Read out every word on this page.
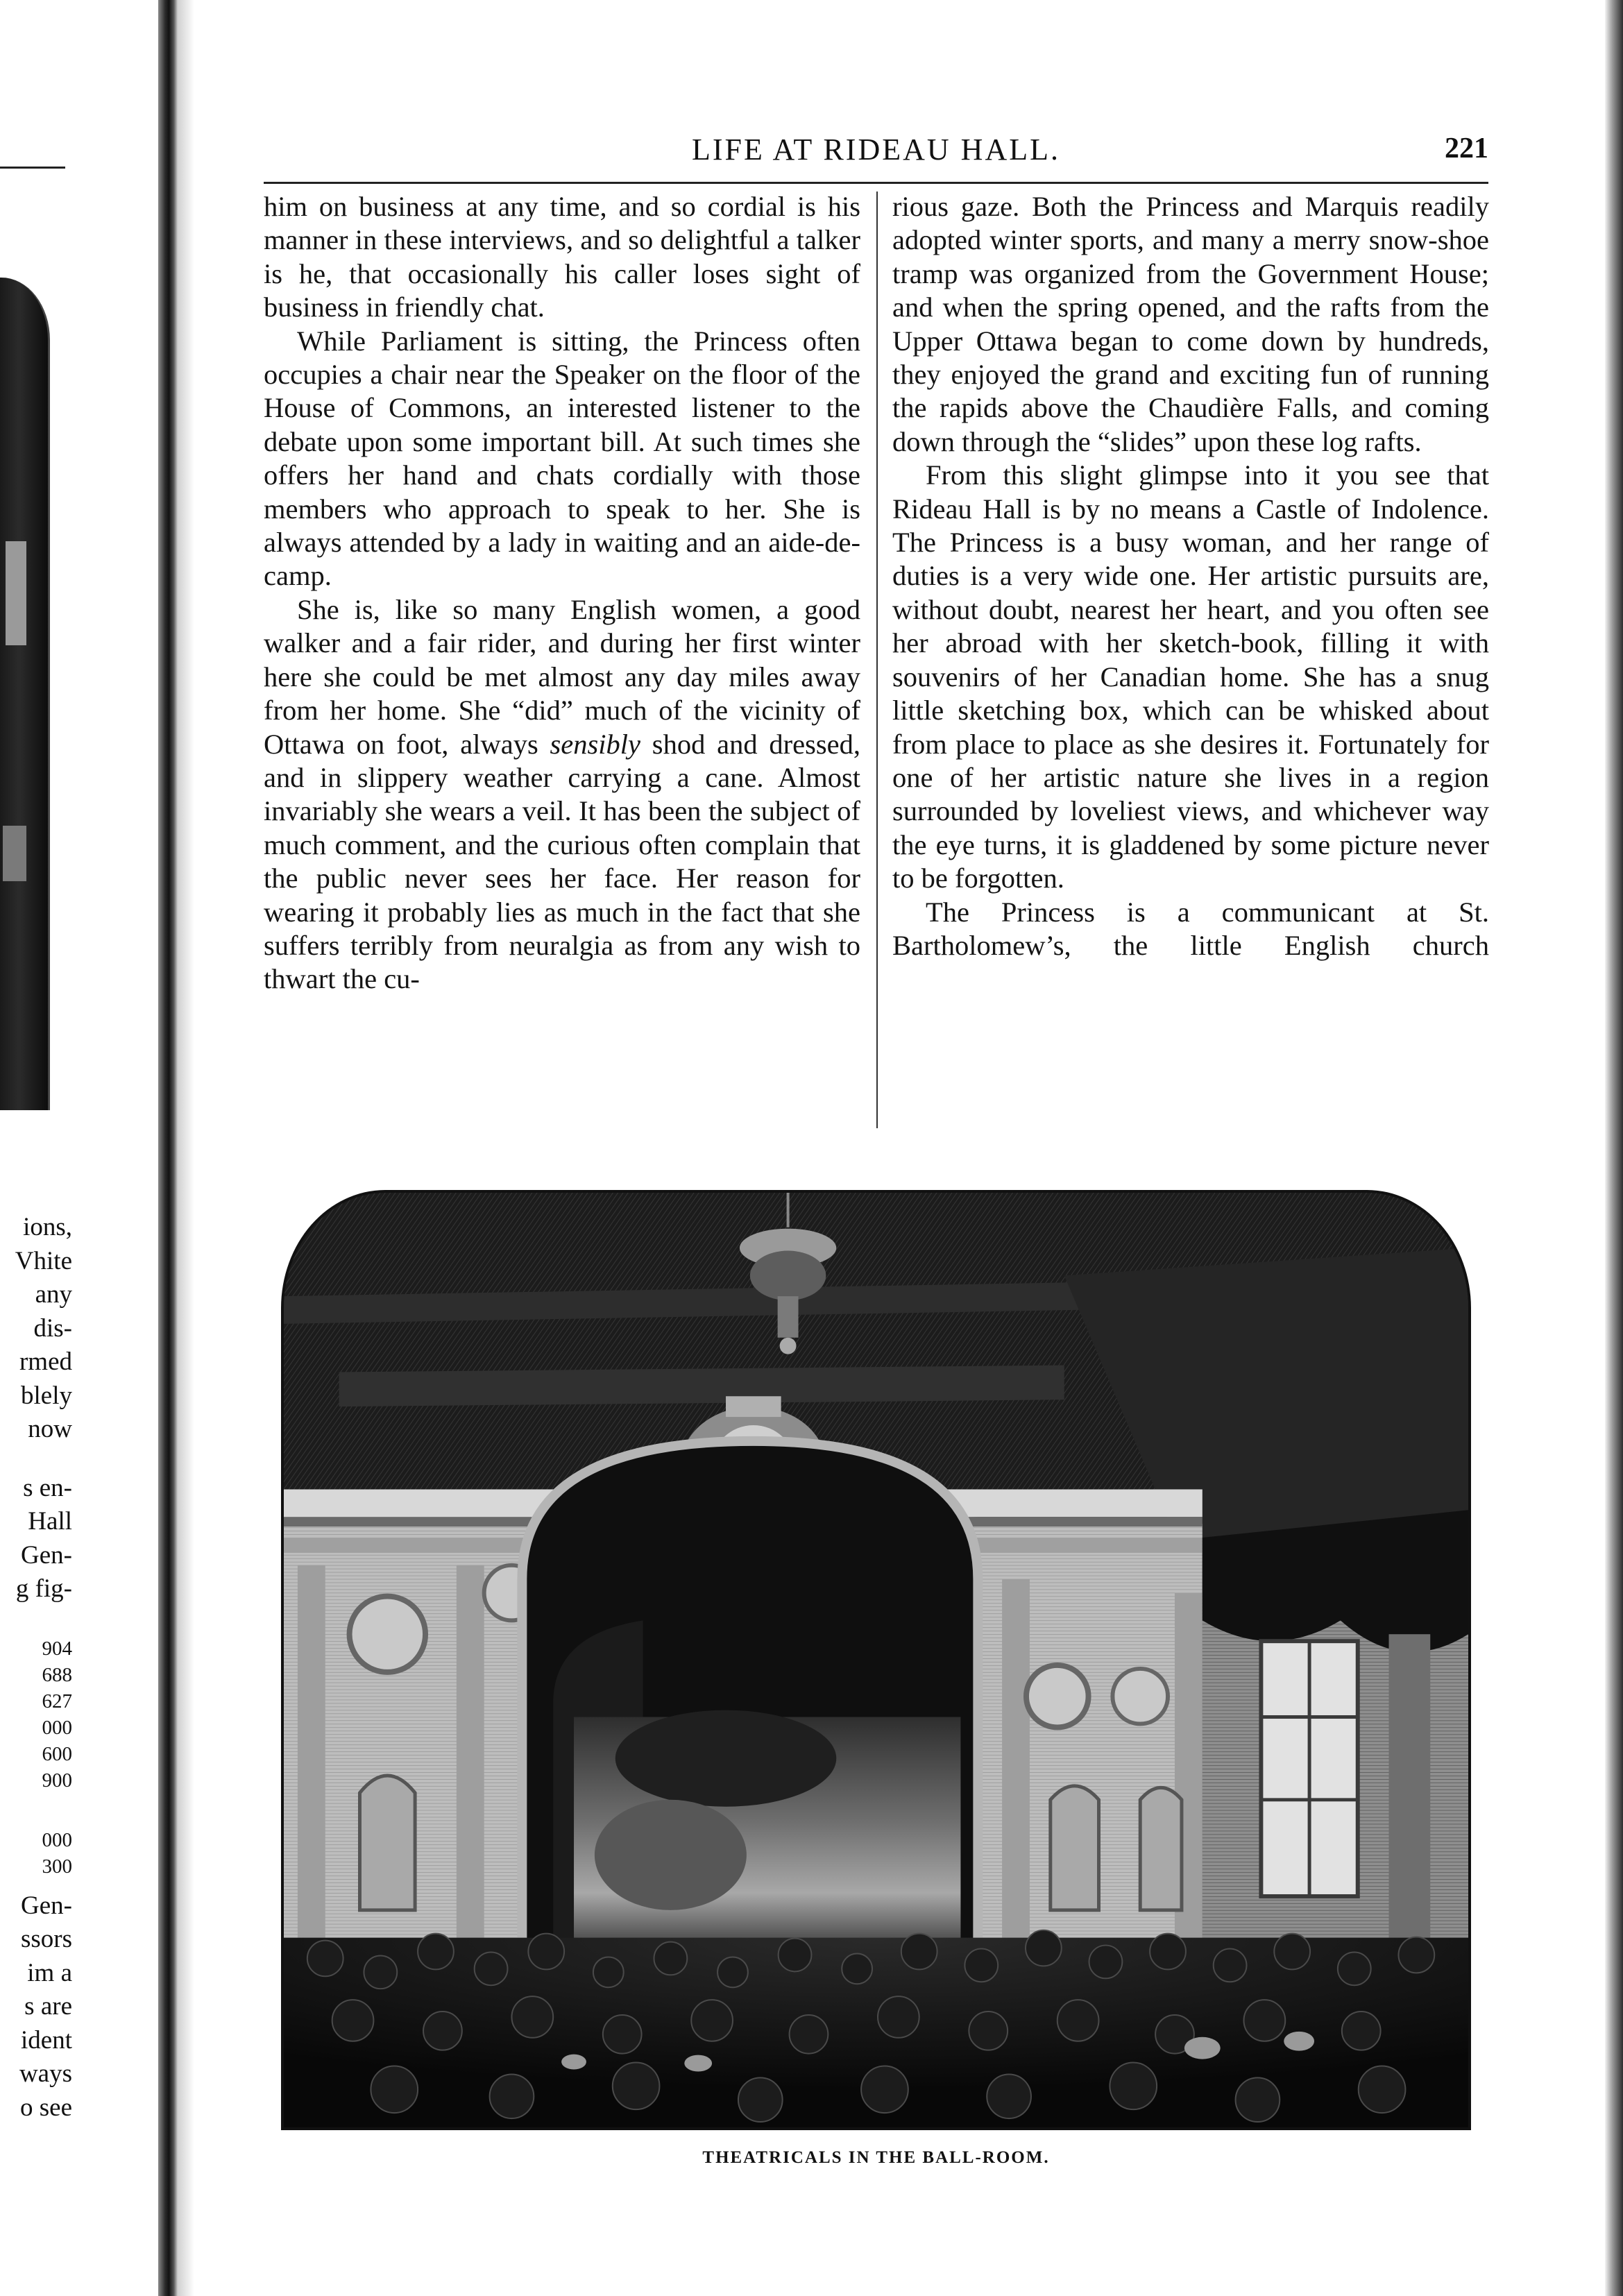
ions,
Vhite
any
dis-
rmed
blely
now
s en-
Hall
Gen-
g fig-
904
688
627
000
600
900
000
300
Gen-
ssors
im a
s are
ident
ways
o see
LIFE AT RIDEAU HALL.	221

him on business at any time, and so cordial is his manner in these interviews, and so delightful a talker is he, that occasionally his caller loses sight of business in friendly chat.

While Parliament is sitting, the Princess often occupies a chair near the Speaker on the floor of the House of Commons, an interested listener to the debate upon some important bill. At such times she offers her hand and chats cordially with those members who approach to speak to her. She is always attended by a lady in waiting and an aide-de-camp.

She is, like so many English women, a good walker and a fair rider, and during her first winter here she could be met almost any day miles away from her home. She “did” much of the vicinity of Ottawa on foot, always sensibly shod and dressed, and in slippery weather carrying a cane. Almost invariably she wears a veil. It has been the subject of much comment, and the curious often complain that the public never sees her face. Her reason for wearing it probably lies as much in the fact that she suffers terribly from neuralgia as from any wish to thwart the cu-

rious gaze. Both the Princess and Marquis readily adopted winter sports, and many a merry snow-shoe tramp was organized from the Government House; and when the spring opened, and the rafts from the Upper Ottawa began to come down by hundreds, they enjoyed the grand and exciting fun of running the rapids above the Chaudière Falls, and coming down through the “slides” upon these log rafts.

From this slight glimpse into it you see that Rideau Hall is by no means a Castle of Indolence. The Princess is a busy woman, and her range of duties is a very wide one. Her artistic pursuits are, without doubt, nearest her heart, and you often see her abroad with her sketch-book, filling it with souvenirs of her Canadian home. She has a snug little sketching box, which can be whisked about from place to place as she desires it. Fortunately for one of her artistic nature she lives in a region surrounded by loveliest views, and whichever way the eye turns, it is gladdened by some picture never to be forgotten.

The Princess is a communicant at St. Bartholomew’s, the little English church

THEATRICALS IN THE BALL-ROOM.
